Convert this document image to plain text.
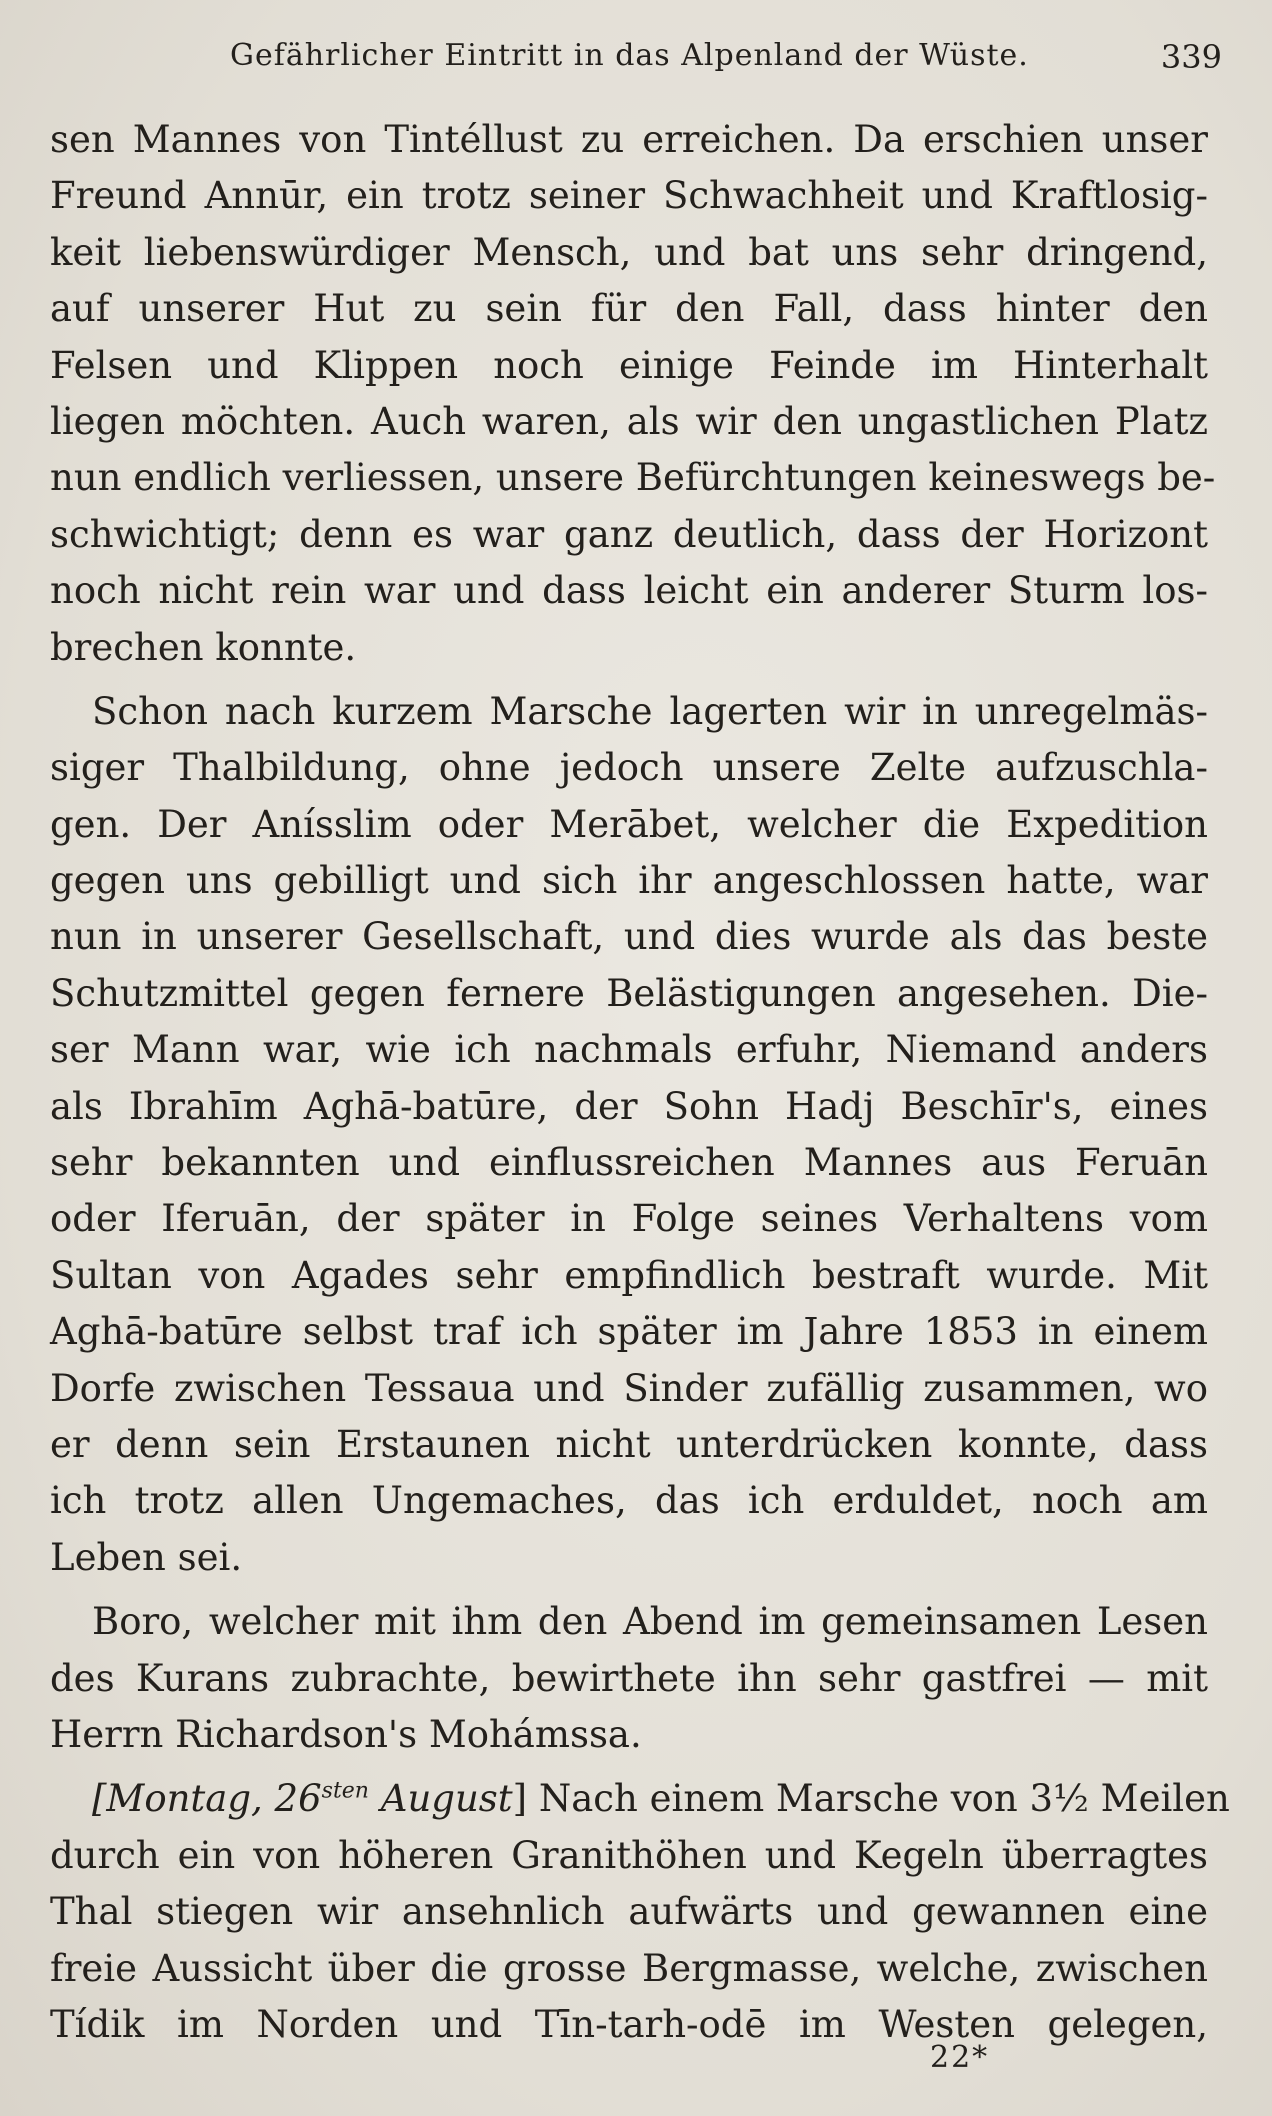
Gefährlicher Eintritt in das Alpenland der Wüste.	339
sen Mannes von Tintéllust zu erreichen. Da erschien unser
Freund Annūr, ein trotz seiner Schwachheit und Kraftlosig-
keit liebenswürdiger Mensch, und bat uns sehr dringend,
auf unserer Hut zu sein für den Fall, dass hinter den
Felsen und Klippen noch einige Feinde im Hinterhalt
liegen möchten. Auch waren, als wir den ungastlichen Platz
nun endlich verliessen, unsere Befürchtungen keineswegs be-
schwichtigt; denn es war ganz deutlich, dass der Horizont
noch nicht rein war und dass leicht ein anderer Sturm los-
brechen konnte.
Schon nach kurzem Marsche lagerten wir in unregelmäs-
siger Thalbildung, ohne jedoch unsere Zelte aufzuschla-
gen. Der Anísslim oder Merābet, welcher die Expedition
gegen uns gebilligt und sich ihr angeschlossen hatte, war
nun in unserer Gesellschaft, und dies wurde als das beste
Schutzmittel gegen fernere Belästigungen angesehen. Die-
ser Mann war, wie ich nachmals erfuhr, Niemand anders
als Ibrahīm Aghā-batūre, der Sohn Hadj Beschīr's, eines
sehr bekannten und einflussreichen Mannes aus Feruān
oder Iferuān, der später in Folge seines Verhaltens vom
Sultan von Agades sehr empfindlich bestraft wurde. Mit
Aghā-batūre selbst traf ich später im Jahre 1853 in einem
Dorfe zwischen Tessaua und Sinder zufällig zusammen, wo
er denn sein Erstaunen nicht unterdrücken konnte, dass
ich trotz allen Ungemaches, das ich erduldet, noch am
Leben sei.
Boro, welcher mit ihm den Abend im gemeinsamen Lesen
des Kurans zubrachte, bewirthete ihn sehr gastfrei — mit
Herrn Richardson's Mohámssa.
[Montag, $26^{sten}$ August] Nach einem Marsche von 3½ Meilen
durch ein von höheren Granithöhen und Kegeln überragtes
Thal stiegen wir ansehnlich aufwärts und gewannen eine
freie Aussicht über die grosse Bergmasse, welche, zwischen
Tídik im Norden und Tīn-tarh-odē im Westen gelegen,
22*
